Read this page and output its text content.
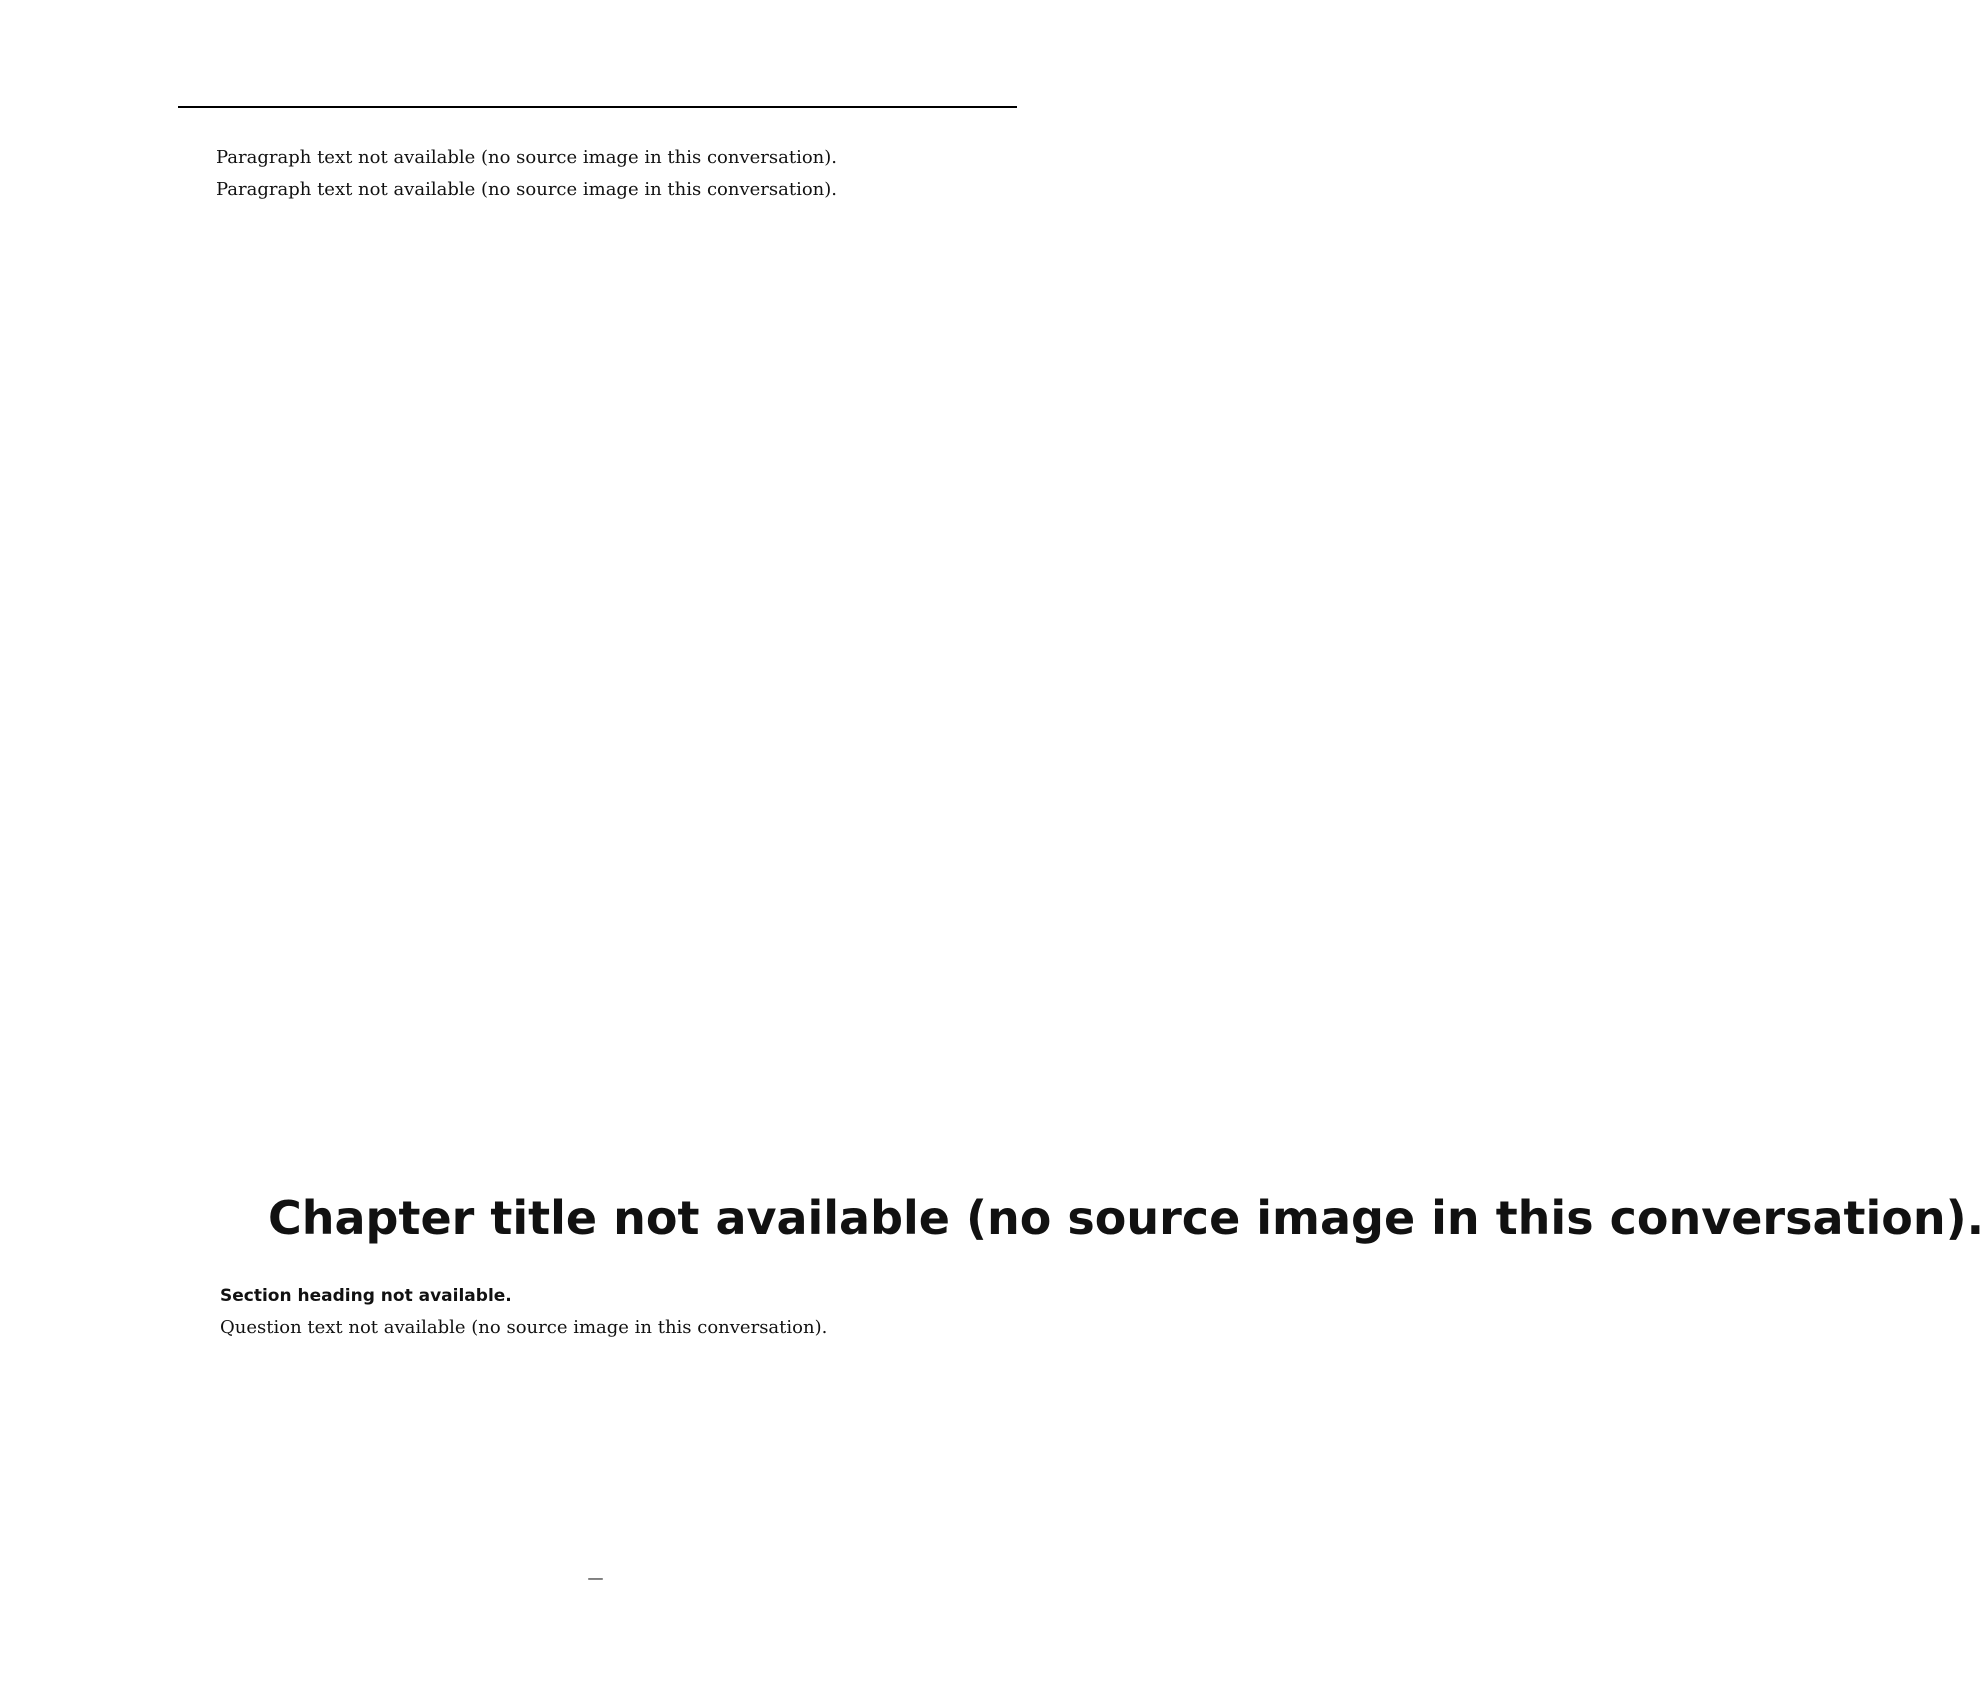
Paragraph text not available (no source image in this conversation).

Paragraph text not available (no source image in this conversation).

Chapter title not available (no source image in this conversation).

Section heading not available.

Question text not available (no source image in this conversation).

—
